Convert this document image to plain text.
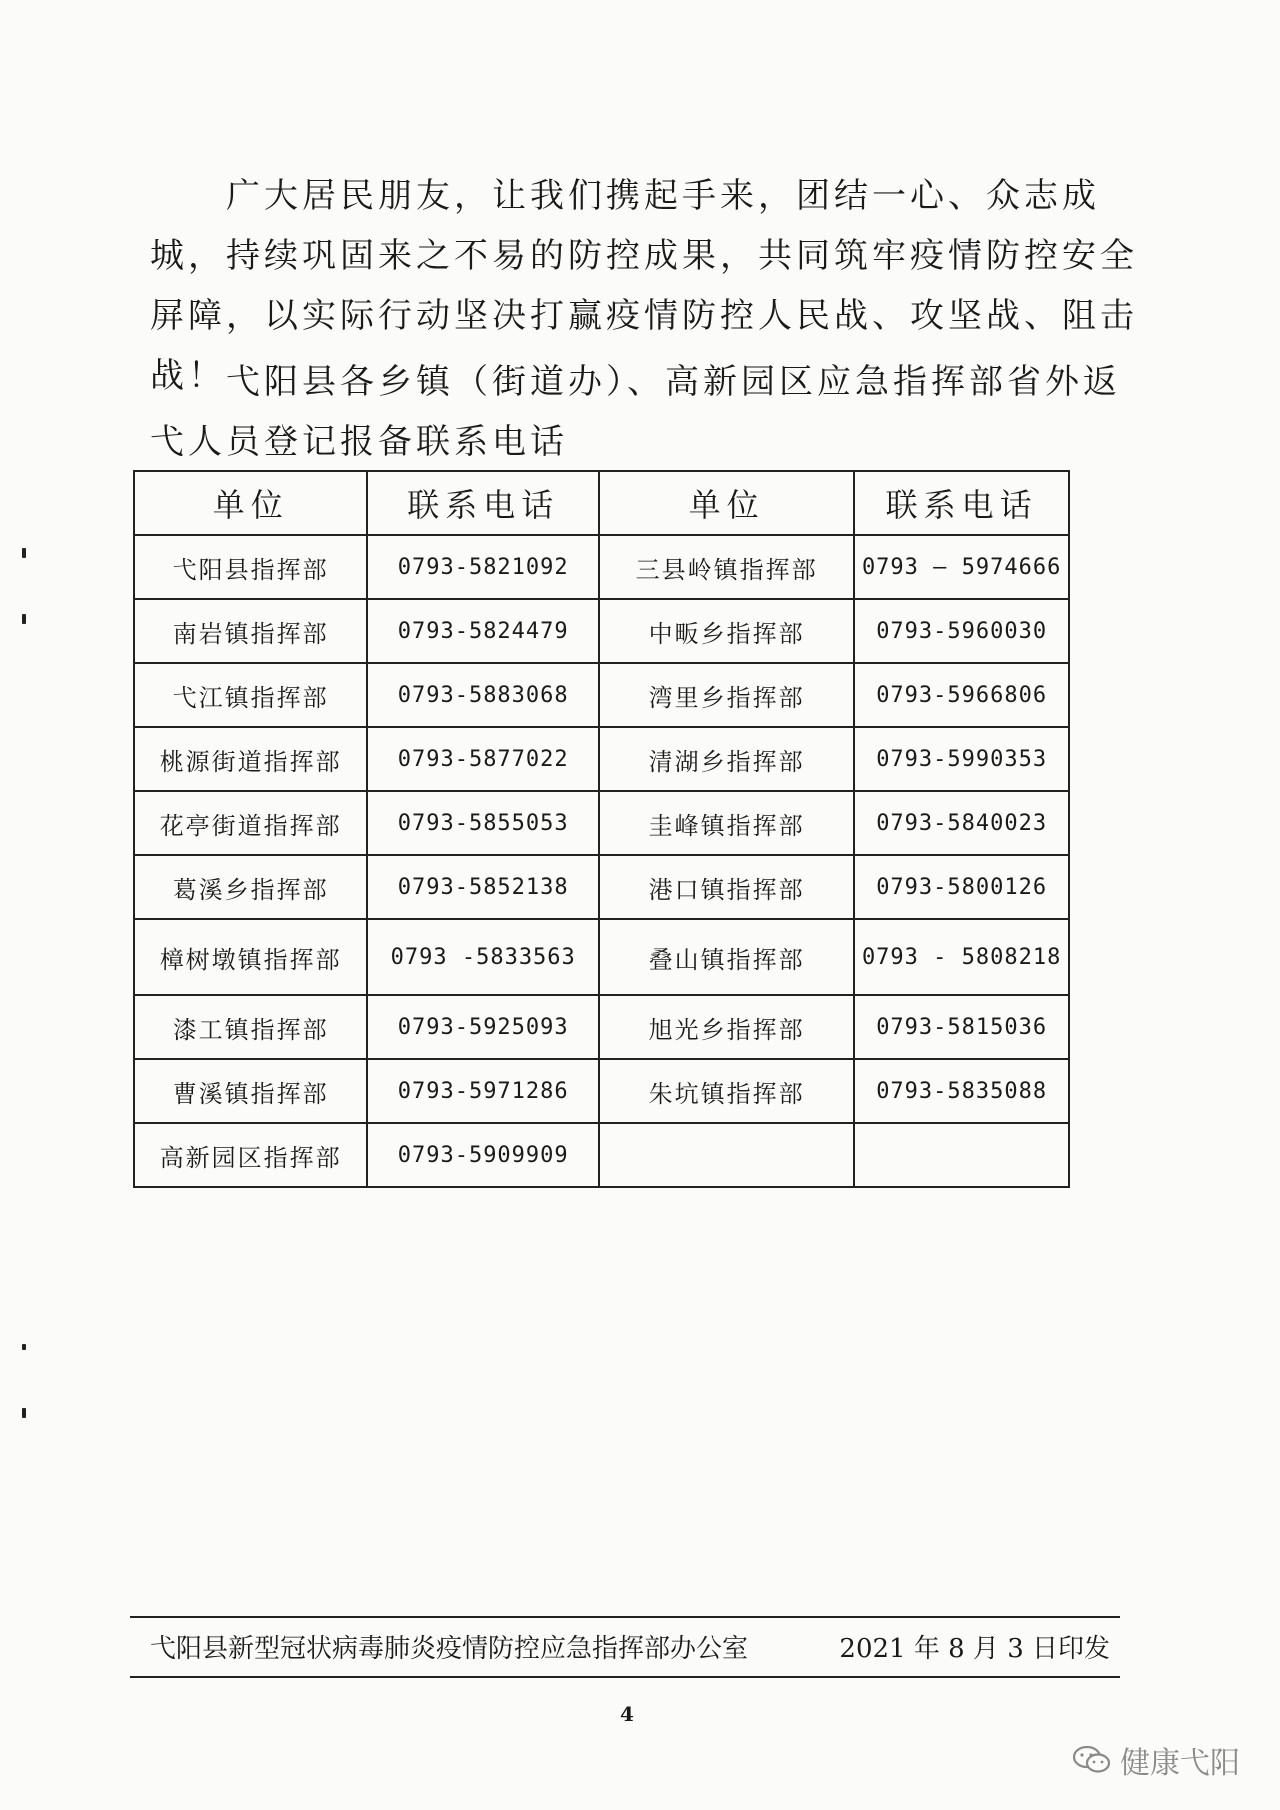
广大居民朋友，让我们携起手来，团结一心、众志成城，持续巩固来之不易的防控成果，共同筑牢疫情防控安全屏障，以实际行动坚决打赢疫情防控人民战、攻坚战、阻击战！ 弋阳县各乡镇（街道办）、高新园区应急指挥部省外返弋人员登记报备联系电话

单位	联系电话	单位	联系电话
弋阳县指挥部	0793-5821092	三县岭镇指挥部	0793 — 5974666
南岩镇指挥部	0793-5824479	中畈乡指挥部	0793-5960030
弋江镇指挥部	0793-5883068	湾里乡指挥部	0793-5966806
桃源街道指挥部	0793-5877022	清湖乡指挥部	0793-5990353
花亭街道指挥部	0793-5855053	圭峰镇指挥部	0793-5840023
葛溪乡指挥部	0793-5852138	港口镇指挥部	0793-5800126
樟树墩镇指挥部	0793 -5833563	叠山镇指挥部	0793 - 5808218
漆工镇指挥部	0793-5925093	旭光乡指挥部	0793-5815036
曹溪镇指挥部	0793-5971286	朱坑镇指挥部	0793-5835088
高新园区指挥部	0793-5909909		
弋阳县新型冠状病毒肺炎疫情防控应急指挥部办公室	2021 年 8 月 3 日印发
4
健康弋阳
